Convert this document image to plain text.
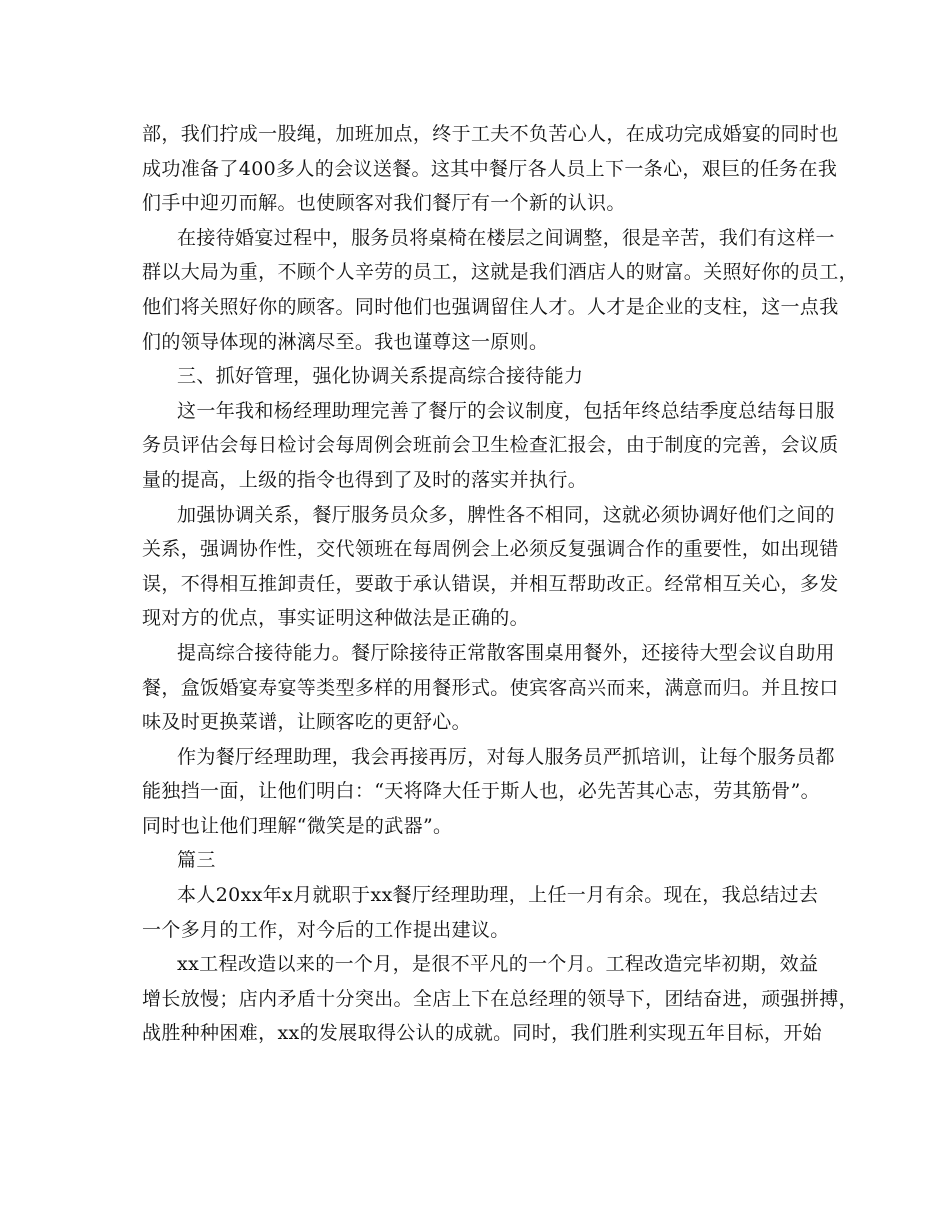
部，我们拧成一股绳，加班加点，终于工夫不负苦心人，在成功完成婚宴的同时也
成功准备了400多人的会议送餐。这其中餐厅各人员上下一条心，艰巨的任务在我
们手中迎刃而解。也使顾客对我们餐厅有一个新的认识。
在接待婚宴过程中，服务员将桌椅在楼层之间调整，很是辛苦，我们有这样一
群以大局为重，不顾个人辛劳的员工，这就是我们酒店人的财富。关照好你的员工，
他们将关照好你的顾客。同时他们也强调留住人才。人才是企业的支柱，这一点我
们的领导体现的淋漓尽至。我也谨尊这一原则。
三、抓好管理，强化协调关系提高综合接待能力
这一年我和杨经理助理完善了餐厅的会议制度，包括年终总结季度总结每日服
务员评估会每日检讨会每周例会班前会卫生检查汇报会，由于制度的完善，会议质
量的提高，上级的指令也得到了及时的落实并执行。
加强协调关系，餐厅服务员众多，脾性各不相同，这就必须协调好他们之间的
关系，强调协作性，交代领班在每周例会上必须反复强调合作的重要性，如出现错
误，不得相互推卸责任，要敢于承认错误，并相互帮助改正。经常相互关心，多发
现对方的优点，事实证明这种做法是正确的。
提高综合接待能力。餐厅除接待正常散客围桌用餐外，还接待大型会议自助用
餐，盒饭婚宴寿宴等类型多样的用餐形式。使宾客高兴而来，满意而归。并且按口
味及时更换菜谱，让顾客吃的更舒心。
作为餐厅经理助理，我会再接再厉，对每人服务员严抓培训，让每个服务员都
能独挡一面，让他们明白：“天将降大任于斯人也，必先苦其心志，劳其筋骨”。
同时也让他们理解“微笑是的武器”。
篇三
本人20xx年x月就职于xx餐厅经理助理，上任一月有余。现在，我总结过去
一个多月的工作，对今后的工作提出建议。
xx工程改造以来的一个月，是很不平凡的一个月。工程改造完毕初期，效益
增长放慢；店内矛盾十分突出。全店上下在总经理的领导下，团结奋进，顽强拼搏，
战胜种种困难，xx的发展取得公认的成就。同时，我们胜利实现五年目标，开始
